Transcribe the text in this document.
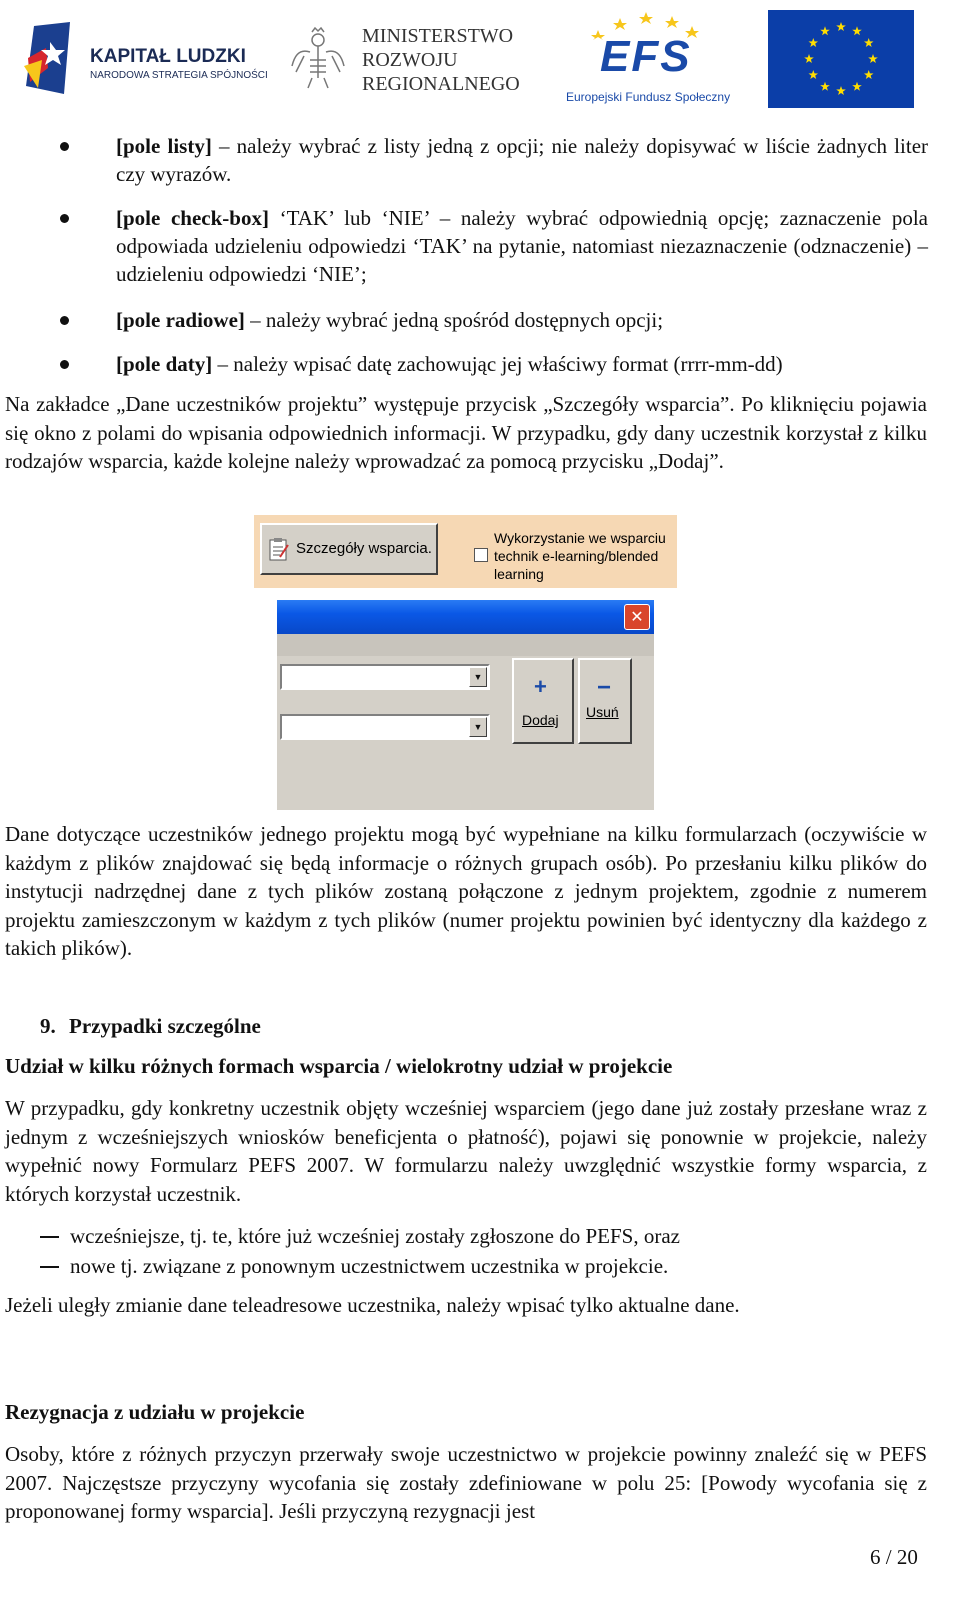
KAPITAŁ LUDZKI
NARODOWA STRATEGIA SPÓJNOŚCI
MINISTERSTWO
ROZWOJU
REGIONALNEGO
EFS
Europejski Fundusz Społeczny

[pole listy] – należy wybrać z listy jedną z opcji; nie należy dopisywać w liście żadnych liter czy wyrazów.

[pole check-box] ‘TAK’ lub ‘NIE’ – należy wybrać odpowiednią opcję; zaznaczenie pola odpowiada udzieleniu odpowiedzi ‘TAK’ na pytanie, natomiast niezaznaczenie (odznaczenie) – udzieleniu odpowiedzi ‘NIE’;

[pole radiowe] – należy wybrać jedną spośród dostępnych opcji;

[pole daty] – należy wpisać datę zachowując jej właściwy format (rrrr-mm-dd)

Na zakładce „Dane uczestników projektu” występuje przycisk „Szczegóły wsparcia”. Po kliknięciu pojawia się okno z polami do wpisania odpowiednich informacji. W przypadku, gdy dany uczestnik korzystał z kilku rodzajów wsparcia, każde kolejne należy wprowadzać za pomocą przycisku „Dodaj”.

Szczegóły wsparcia.
Wykorzystanie we wsparciu technik e-learning/blended learning
✕
▼
▼
+
Dodaj
−
Usuń

Dane dotyczące uczestników jednego projektu mogą być wypełniane na kilku formularzach (oczywiście w każdym z plików znajdować się będą informacje o różnych grupach osób). Po przesłaniu kilku plików do instytucji nadrzędnej dane z tych plików zostaną połączone z jednym projektem, zgodnie z numerem projektu zamieszczonym w każdym z tych plików (numer projektu powinien być identyczny dla każdego z takich plików).

9. Przypadki szczególne

Udział w kilku różnych formach wsparcia / wielokrotny udział w projekcie

W przypadku, gdy konkretny uczestnik objęty wcześniej wsparciem (jego dane już zostały przesłane wraz z jednym z wcześniejszych wniosków beneficjenta o płatność), pojawi się ponownie w projekcie, należy wypełnić nowy Formularz PEFS 2007. W formularzu należy uwzględnić wszystkie formy wsparcia, z których korzystał uczestnik.

wcześniejsze, tj. te, które już wcześniej zostały zgłoszone do PEFS, oraz

nowe tj. związane z ponownym uczestnictwem uczestnika w projekcie.

Jeżeli uległy zmianie dane teleadresowe uczestnika, należy wpisać tylko aktualne dane.

Rezygnacja z udziału w projekcie

Osoby, które z różnych przyczyn przerwały swoje uczestnictwo w projekcie powinny znaleźć się w PEFS 2007. Najczęstsze przyczyny wycofania się zostały zdefiniowane w polu 25: [Powody wycofania się z proponowanej formy wsparcia]. Jeśli przyczyną rezygnacji jest

6 / 20
